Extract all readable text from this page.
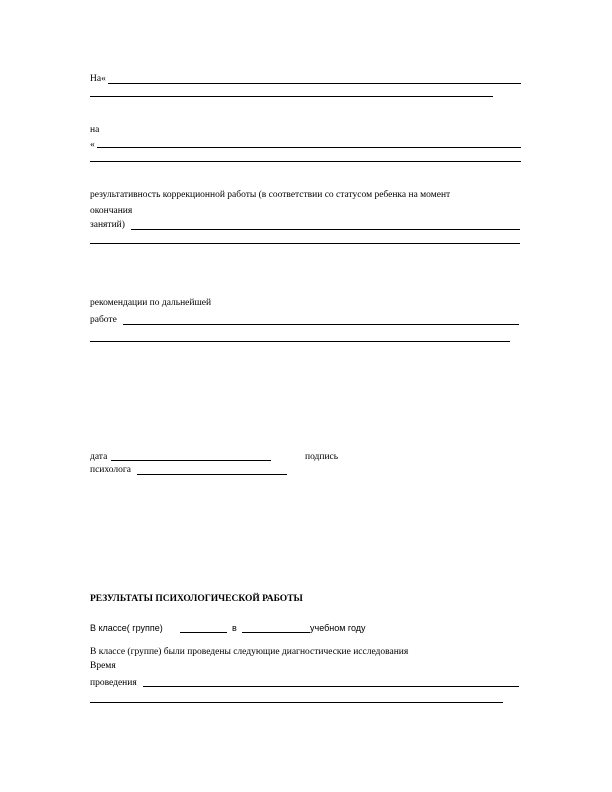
На«
на
«
результативность коррекционной работы (в соответствии со статусом ребенка на момент
окончания
занятий)
рекомендации по дальнейшей
работе
дата	подпись
психолога
РЕЗУЛЬТАТЫ ПСИХОЛОГИЧЕСКОЙ РАБОТЫ
В классе( группе)	в	учебном году
В классе (группе) были проведены следующие диагностические исследования
Время
проведения
